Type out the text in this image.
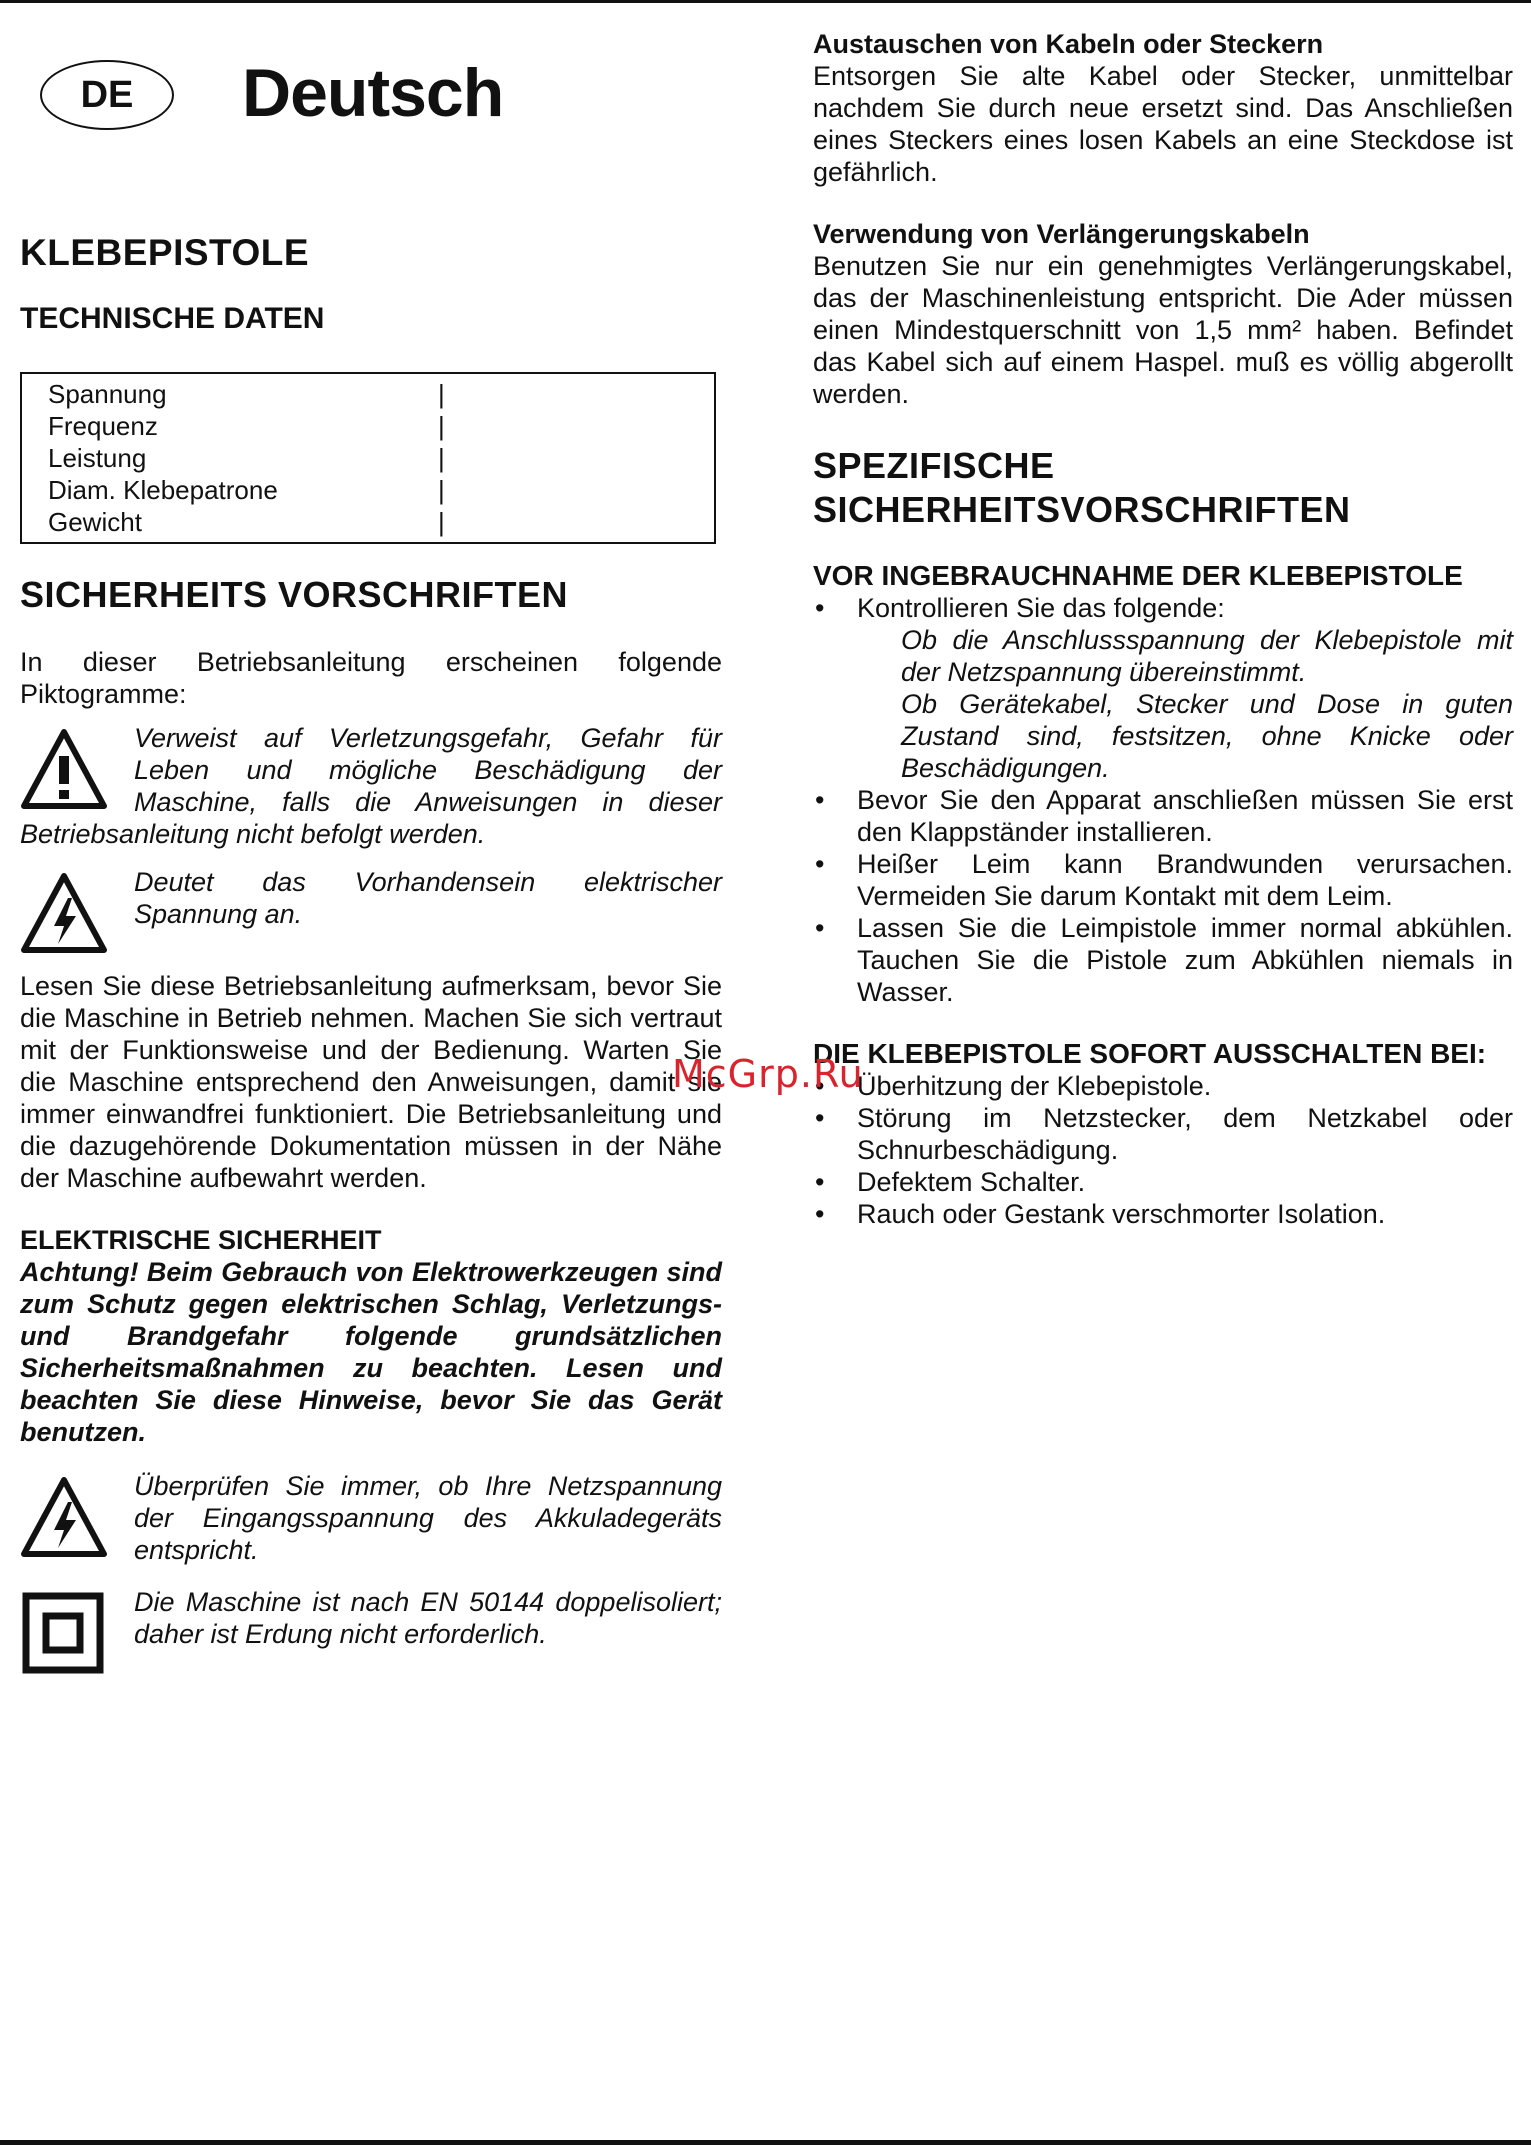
DE	Deutsch
KLEBEPISTOLE
TECHNISCHE DATEN
Spannung
|
Frequenz
|
Leistung
|
Diam. Klebepatrone
|
Gewicht
|
SICHERHEITS VORSCHRIFTEN

In dieser Betriebsanleitung erscheinen folgende Piktogramme:

Verweist auf Verletzungsgefahr, Gefahr für Leben und mögliche Beschädigung der Maschine, falls die Anweisungen in dieser Betriebsanleitung nicht befolgt werden.
Deutet das Vorhandensein elektrischer Spannung an.

Lesen Sie diese Betriebsanleitung aufmerksam, bevor Sie die Maschine in Betrieb nehmen. Machen Sie sich vertraut mit der Funktionsweise und der Bedienung. Warten Sie die Maschine entsprechend den Anweisungen, damit sie immer einwandfrei funktioniert. Die Betriebsanleitung und die dazugehörende Dokumentation müssen in der Nähe der Maschine aufbewahrt werden.

ELEKTRISCHE SICHERHEIT

Achtung! Beim Gebrauch von Elektrowerkzeugen sind zum Schutz gegen elektrischen Schlag, Verletzungs- und Brandgefahr folgende grundsätzlichen Sicherheitsmaßnahmen zu beachten. Lesen und beachten Sie diese Hinweise, bevor Sie das Gerät benutzen.

Überprüfen Sie immer, ob Ihre Netzspannung der Eingangsspannung des Akkuladegeräts entspricht.
Die Maschine ist nach EN 50144 doppelisoliert; daher ist Erdung nicht erforderlich.
Austauschen von Kabeln oder Steckern

Entsorgen Sie alte Kabel oder Stecker, unmittelbar nachdem Sie durch neue ersetzt sind. Das Anschließen eines Steckers eines losen Kabels an eine Steckdose ist gefährlich.

Verwendung von Verlängerungskabeln

Benutzen Sie nur ein genehmigtes Verlängerungskabel, das der Maschinenleistung entspricht. Die Ader müssen einen Mindestquerschnitt von 1,5 mm² haben. Befindet das Kabel sich auf einem Haspel. muß es völlig abgerollt werden.

SPEZIFISCHE SICHERHEITSVORSCHRIFTEN
VOR INGEBRAUCHNAHME DER KLEBEPISTOLE
• Kontrollieren Sie das folgende:
Ob die Anschlussspannung der Klebepistole mit der Netzspannung übereinstimmt.
Ob Gerätekabel, Stecker und Dose in guten Zustand sind, festsitzen, ohne Knicke oder Beschädigungen.
• Bevor Sie den Apparat anschließen müssen Sie erst den Klappständer installieren.
• Heißer Leim kann Brandwunden verursachen. Vermeiden Sie darum Kontakt mit dem Leim.
• Lassen Sie die Leimpistole immer normal abkühlen. Tauchen Sie die Pistole zum Abkühlen niemals in Wasser.
DIE KLEBEPISTOLE SOFORT AUSSCHALTEN BEI:
• Überhitzung der Klebepistole.
• Störung im Netzstecker, dem Netzkabel oder Schnurbeschädigung.
• Defektem Schalter.
• Rauch oder Gestank verschmorter Isolation.
McGrp.Ru
